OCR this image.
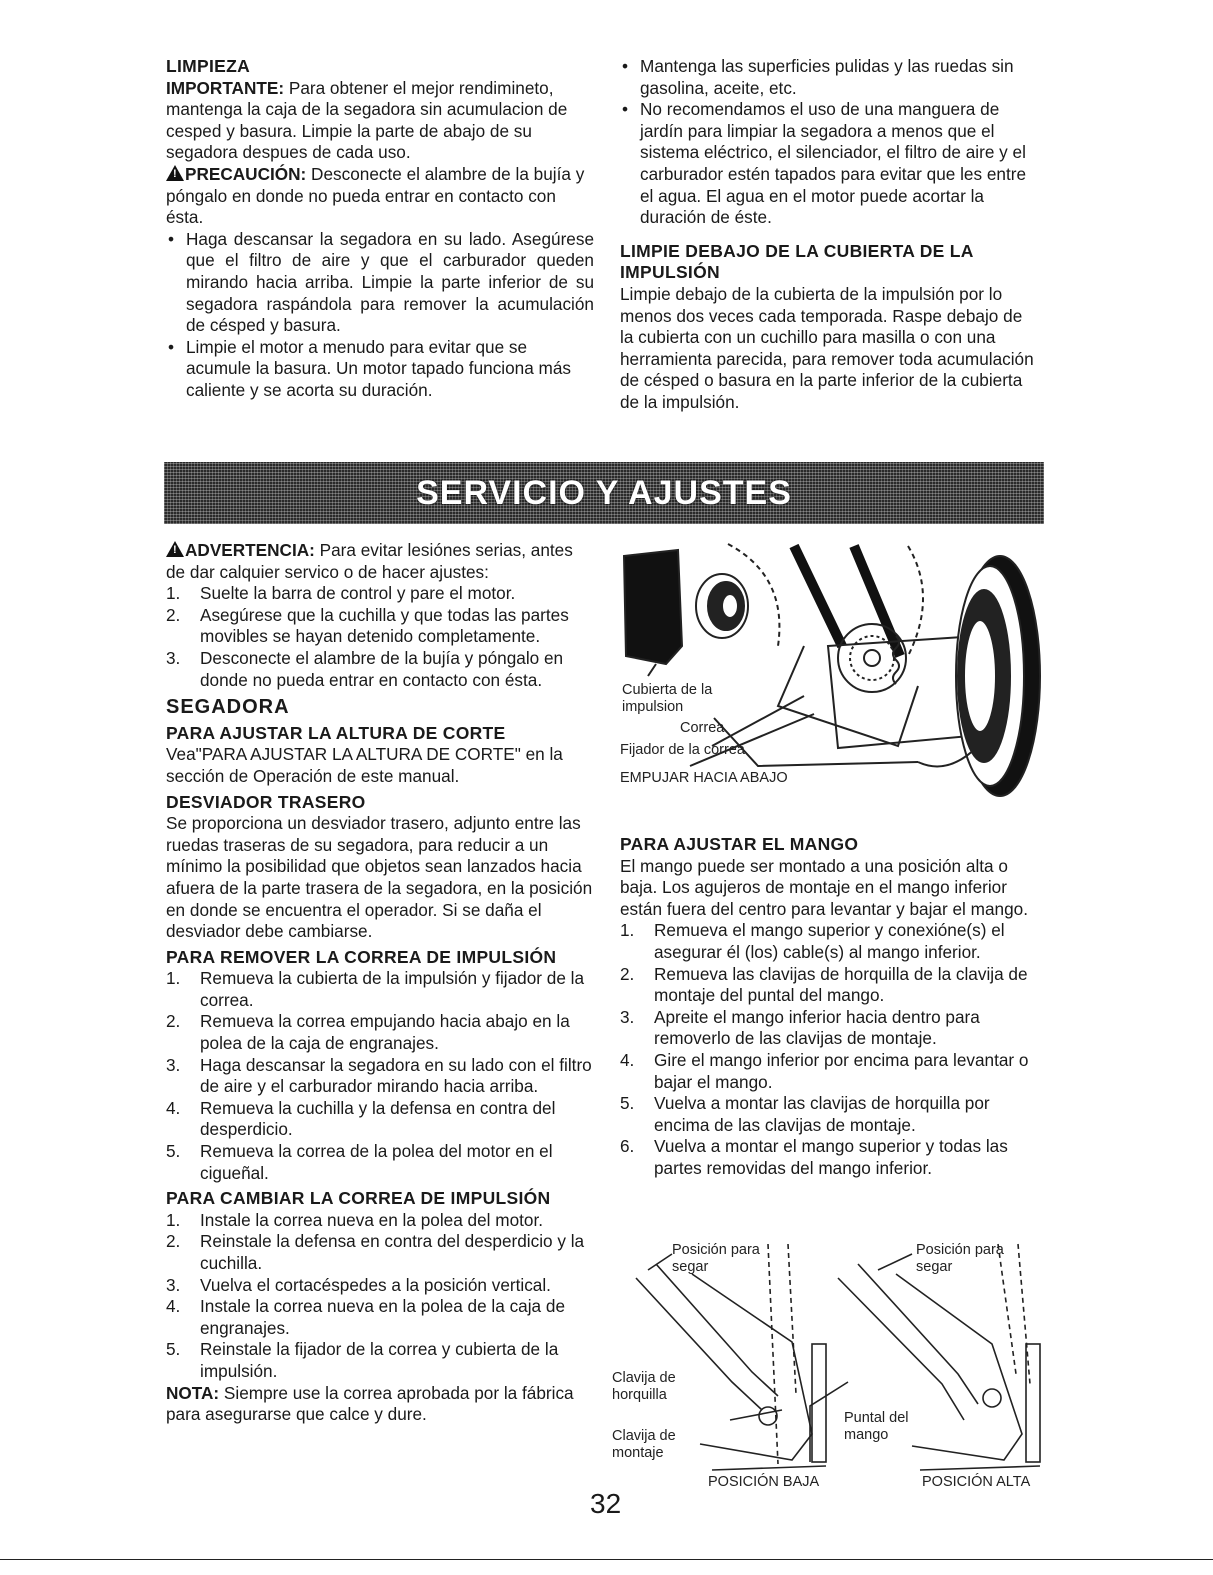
LIMPIEZA

IMPORTANTE: Para obtener el mejor rendimineto, mantenga la caja de la segadora sin acumulacion de cesped y basura. Limpie la parte de abajo de su segadora despues de cada uso.

!PRECAUCIÓN: Desconecte el alambre de la bujía y póngalo en donde no pueda entrar en contacto con ésta.

• Haga descansar la segadora en su lado. Asegúrese que el filtro de aire y que el carburador queden mirando hacia arriba. Limpie la parte inferior de su segadora raspándola para remover la acumulación de césped y basura.
• Limpie el motor a menudo para evitar que se acumule la basura. Un motor tapado funciona más caliente y se acorta su duración.
• Mantenga las superficies pulidas y las ruedas sin gasolina, aceite, etc.
• No recomendamos el uso de una manguera de jardín para limpiar la segadora a menos que el sistema eléctrico, el silenciador, el filtro de aire y el carburador estén tapados para evitar que les entre el agua. El agua en el motor puede acortar la duración de éste.
LIMPIE DEBAJO DE LA CUBIERTA DE LA IMPULSIÓN

Limpie debajo de la cubierta de la impulsión por lo menos dos veces cada temporada. Raspe debajo de la cubierta con un cuchillo para masilla o con una herramienta parecida, para remover toda acumulación de césped o basura en la parte inferior de la cubierta de la impulsión.

SERVICIO Y AJUSTES

!ADVERTENCIA: Para evitar lesiónes serias, antes de dar calquier servico o de hacer ajustes:

1. Suelte la barra de control y pare el motor.
2. Asegúrese que la cuchilla y que todas las partes movibles se hayan detenido completamente.
3. Desconecte el alambre de la bujía y póngalo en donde no pueda entrar en contacto con ésta.
SEGADORA
PARA AJUSTAR LA ALTURA DE CORTE

Vea"PARA AJUSTAR LA ALTURA DE CORTE" en la sección de Operación de este manual.

DESVIADOR TRASERO

Se proporciona un desviador trasero, adjunto entre las ruedas traseras de su segadora, para reducir a un mínimo la posibilidad que objetos sean lanzados hacia afuera de la parte trasera de la segadora, en la posición en donde se encuentra el operador. Si se daña el desviador debe cambiarse.

PARA REMOVER LA CORREA DE IMPULSIÓN
1. Remueva la cubierta de la impulsión y fijador de la correa.
2. Remueva la correa empujando hacia abajo en la polea de la caja de engranajes.
3. Haga descansar la segadora en su lado con el filtro de aire y el carburador mirando hacia arriba.
4. Remueva la cuchilla y la defensa en contra del desperdicio.
5. Remueva la correa de la polea del motor en el cigueñal.
PARA CAMBIAR LA CORREA DE IMPULSIÓN
1. Instale la correa nueva en la polea del motor.
2. Reinstale la defensa en contra del desperdicio y la cuchilla.
3. Vuelva el cortacéspedes a la posición vertical.
4. Instale la correa nueva en la polea de la caja de engranajes.
5. Reinstale la fijador de la correa y cubierta de la impulsión.

NOTA: Siempre use la correa aprobada por la fábrica para asegurarse que calce y dure.

Cubierta de la impulsion
Correa
Fijador de la correa
EMPUJAR HACIA ABAJO
PARA AJUSTAR EL MANGO

El mango puede ser montado a una posición alta o baja. Los agujeros de montaje en el mango inferior están fuera del centro para levantar y bajar el mango.

1. Remueva el mango superior y conexióne(s) el asegurar él (los) cable(s) al mango inferior.
2. Remueva las clavijas de horquilla de la clavija de montaje del puntal del mango.
3. Apreite el mango inferior hacia dentro para removerlo de las clavijas de montaje.
4. Gire el mango inferior por encima para levantar o bajar el mango.
5. Vuelva a montar las clavijas de horquilla por encima de las clavijas de montaje.
6. Vuelva a montar el mango superior y todas las partes removidas del mango inferior.
Posición para segar
Posición para segar
Clavija de horquilla
Clavija de montaje
Puntal del mango
POSICIÓN BAJA	POSICIÓN ALTA
32
